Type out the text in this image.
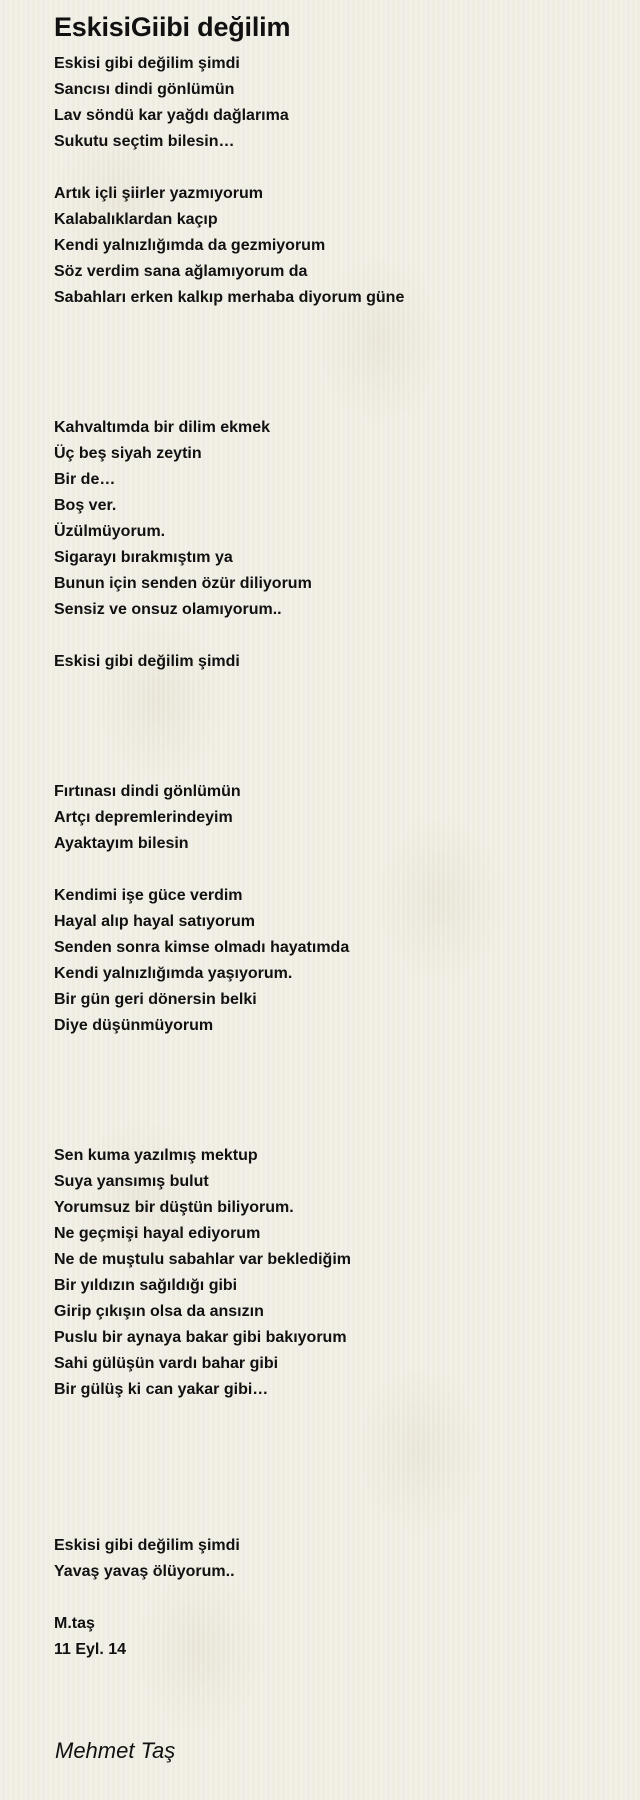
EskisiGiibi değilim
Eskisi gibi değilim şimdi
Sancısı dindi gönlümün
Lav söndü kar yağdı dağlarıma
Sukutu seçtim bilesin…
Artık içli şiirler yazmıyorum
Kalabalıklardan kaçıp
Kendi yalnızlığımda da gezmiyorum
Söz verdim sana ağlamıyorum da
Sabahları erken kalkıp merhaba diyorum güne
Kahvaltımda bir dilim ekmek
Üç beş siyah zeytin
Bir de…
Boş ver.
Üzülmüyorum.
Sigarayı bırakmıştım ya
Bunun için senden özür diliyorum
Sensiz ve onsuz olamıyorum..
Eskisi gibi değilim şimdi
Fırtınası dindi gönlümün
Artçı depremlerindeyim
Ayaktayım bilesin
Kendimi işe güce verdim
Hayal alıp hayal satıyorum
Senden sonra kimse olmadı hayatımda
Kendi yalnızlığımda yaşıyorum.
Bir gün geri dönersin belki
Diye düşünmüyorum
Sen kuma yazılmış mektup
Suya yansımış bulut
Yorumsuz bir düştün biliyorum.
Ne geçmişi hayal ediyorum
Ne de muştulu sabahlar var beklediğim
Bir yıldızın sağıldığı gibi
Girip çıkışın olsa da ansızın
Puslu bir aynaya bakar gibi bakıyorum
Sahi gülüşün vardı bahar gibi
Bir gülüş ki can yakar gibi…
Eskisi gibi değilim şimdi
Yavaş yavaş ölüyorum..
M.taş
11 Eyl. 14
Mehmet Taş
